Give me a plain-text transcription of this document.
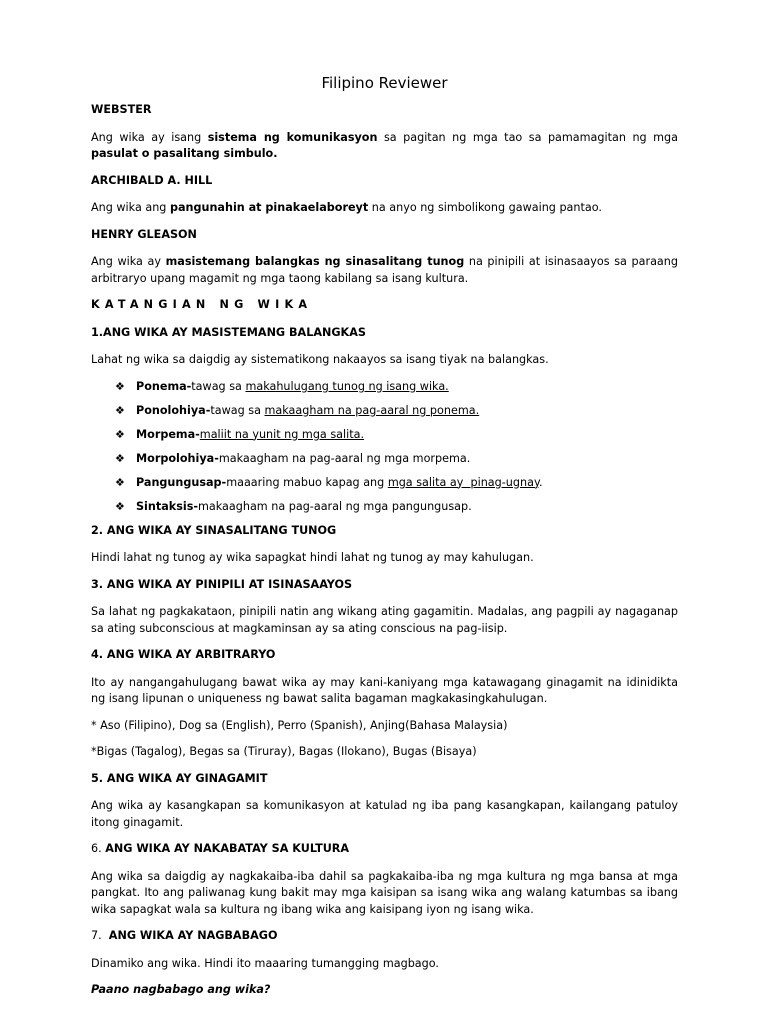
Filipino Reviewer
WEBSTER

Ang wika ay isang sistema ng komunikasyon sa pagitan ng mga tao sa pamamagitan ng mga pasulat o pasalitang simbulo.

ARCHIBALD A. HILL

Ang wika ang pangunahin at pinakaelaboreyt na anyo ng simbolikong gawaing pantao.

HENRY GLEASON

Ang wika ay masistemang balangkas ng sinasalitang tunog na pinipili at isinasaayos sa paraang arbitraryo upang magamit ng mga taong kabilang sa isang kultura.

KATANGIAN NG WIKA
1.ANG WIKA AY MASISTEMANG BALANGKAS

Lahat ng wika sa daigdig ay sistematikong nakaayos sa isang tiyak na balangkas.

❖ Ponema-tawag sa makahulugang tunog ng isang wika.
❖ Ponolohiya-tawag sa makaagham na pag-aaral ng ponema.
❖ Morpema-maliit na yunit ng mga salita.
❖ Morpolohiya-makaagham na pag-aaral ng mga morpema.
❖ Pangungusap-maaaring mabuo kapag ang mga salita ay  pinag-ugnay.
❖ Sintaksis-makaagham na pag-aaral ng mga pangungusap.
2. ANG WIKA AY SINASALITANG TUNOG

Hindi lahat ng tunog ay wika sapagkat hindi lahat ng tunog ay may kahulugan.

3. ANG WIKA AY PINIPILI AT ISINASAAYOS

Sa lahat ng pagkakataon, pinipili natin ang wikang ating gagamitin. Madalas, ang pagpili ay nagaganap sa ating subconscious at magkaminsan ay sa ating conscious na pag-iisip.

4. ANG WIKA AY ARBITRARYO

Ito ay nangangahulugang bawat wika ay may kani-kaniyang mga katawagang ginagamit na idinidikta ng isang lipunan o uniqueness ng bawat salita bagaman magkakasingkahulugan.

* Aso (Filipino), Dog sa (English), Perro (Spanish), Anjing(Bahasa Malaysia)

*Bigas (Tagalog), Begas sa (Tiruray), Bagas (Ilokano), Bugas (Bisaya)

5. ANG WIKA AY GINAGAMIT

Ang wika ay kasangkapan sa komunikasyon at katulad ng iba pang kasangkapan, kailangang patuloy itong ginagamit.

6. ANG WIKA AY NAKABATAY SA KULTURA

Ang wika sa daigdig ay nagkakaiba-iba dahil sa pagkakaiba-iba ng mga kultura ng mga bansa at mga pangkat. Ito ang paliwanag kung bakit may mga kaisipan sa isang wika ang walang katumbas sa ibang wika sapagkat wala sa kultura ng ibang wika ang kaisipang iyon ng isang wika.

7.  ANG WIKA AY NAGBABAGO

Dinamiko ang wika. Hindi ito maaaring tumangging magbago.

Paano nagbabago ang wika?
